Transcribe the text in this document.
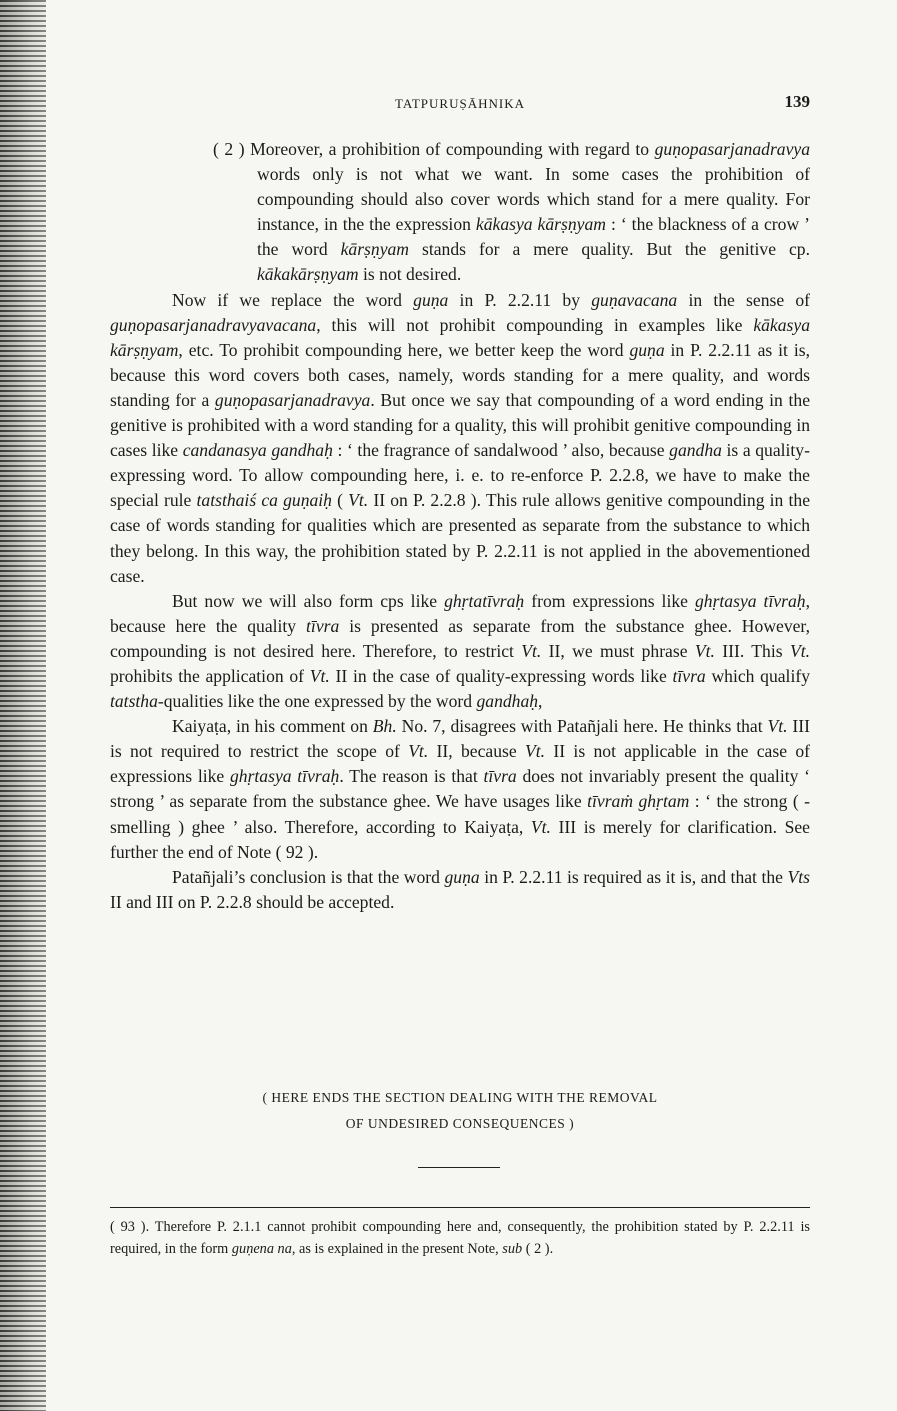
TATPURUṢĀHNIKA	139

( 2 ) Moreover, a prohibition of compounding with regard to guṇopasarjanadravya words only is not what we want. In some cases the prohibition of compounding should also cover words which stand for a mere quality. For instance, in the the expression kākasya kārṣṇyam : ‘ the blackness of a crow ’ the word kārṣṇyam stands for a mere quality. But the genitive cp. kākakārṣṇyam is not desired.

Now if we replace the word guṇa in P. 2.2.11 by guṇavacana in the sense of guṇopasarjanadravyavacana, this will not prohibit compounding in examples like kākasya kārṣṇyam, etc. To prohibit compounding here, we better keep the word guṇa in P. 2.2.11 as it is, because this word covers both cases, namely, words standing for a mere quality, and words standing for a guṇopasarjanadravya. But once we say that compounding of a word ending in the genitive is prohibited with a word standing for a quality, this will prohibit genitive compounding in cases like candanasya gandhaḥ : ‘ the fragrance of sandalwood ’ also, because gandha is a quality-expressing word. To allow compounding here, i. e. to re-enforce P. 2.2.8, we have to make the special rule tatsthaiś ca guṇaiḥ ( Vt. II on P. 2.2.8 ). This rule allows genitive compounding in the case of words standing for qualities which are presented as separate from the substance to which they belong. In this way, the prohibition stated by P. 2.2.11 is not applied in the abovementioned case.

But now we will also form cps like ghṛtatīvraḥ from expressions like ghṛtasya tīvraḥ, because here the quality tīvra is presented as separate from the substance ghee. However, compounding is not desired here. Therefore, to restrict Vt. II, we must phrase Vt. III. This Vt. prohibits the application of Vt. II in the case of quality-expressing words like tīvra which qualify tatstha-qualities like the one expressed by the word gandhaḥ,

Kaiyaṭa, in his comment on Bh. No. 7, disagrees with Patañjali here. He thinks that Vt. III is not required to restrict the scope of Vt. II, because Vt. II is not applicable in the case of expressions like ghṛtasya tīvraḥ. The reason is that tīvra does not invariably present the quality ‘ strong ’ as separate from the substance ghee. We have usages like tīvraṁ ghṛtam : ‘ the strong ( -smelling ) ghee ’ also. Therefore, according to Kaiyaṭa, Vt. III is merely for clarification. See further the end of Note ( 92 ).

Patañjali’s conclusion is that the word guṇa in P. 2.2.11 is required as it is, and that the Vts II and III on P. 2.2.8 should be accepted.

( HERE ENDS THE SECTION DEALING WITH THE REMOVAL
OF UNDESIRED CONSEQUENCES )

( 93 ). Therefore P. 2.1.1 cannot prohibit compounding here and, consequently, the prohibition stated by P. 2.2.11 is required, in the form guṇena na, as is explained in the present Note, sub ( 2 ).
